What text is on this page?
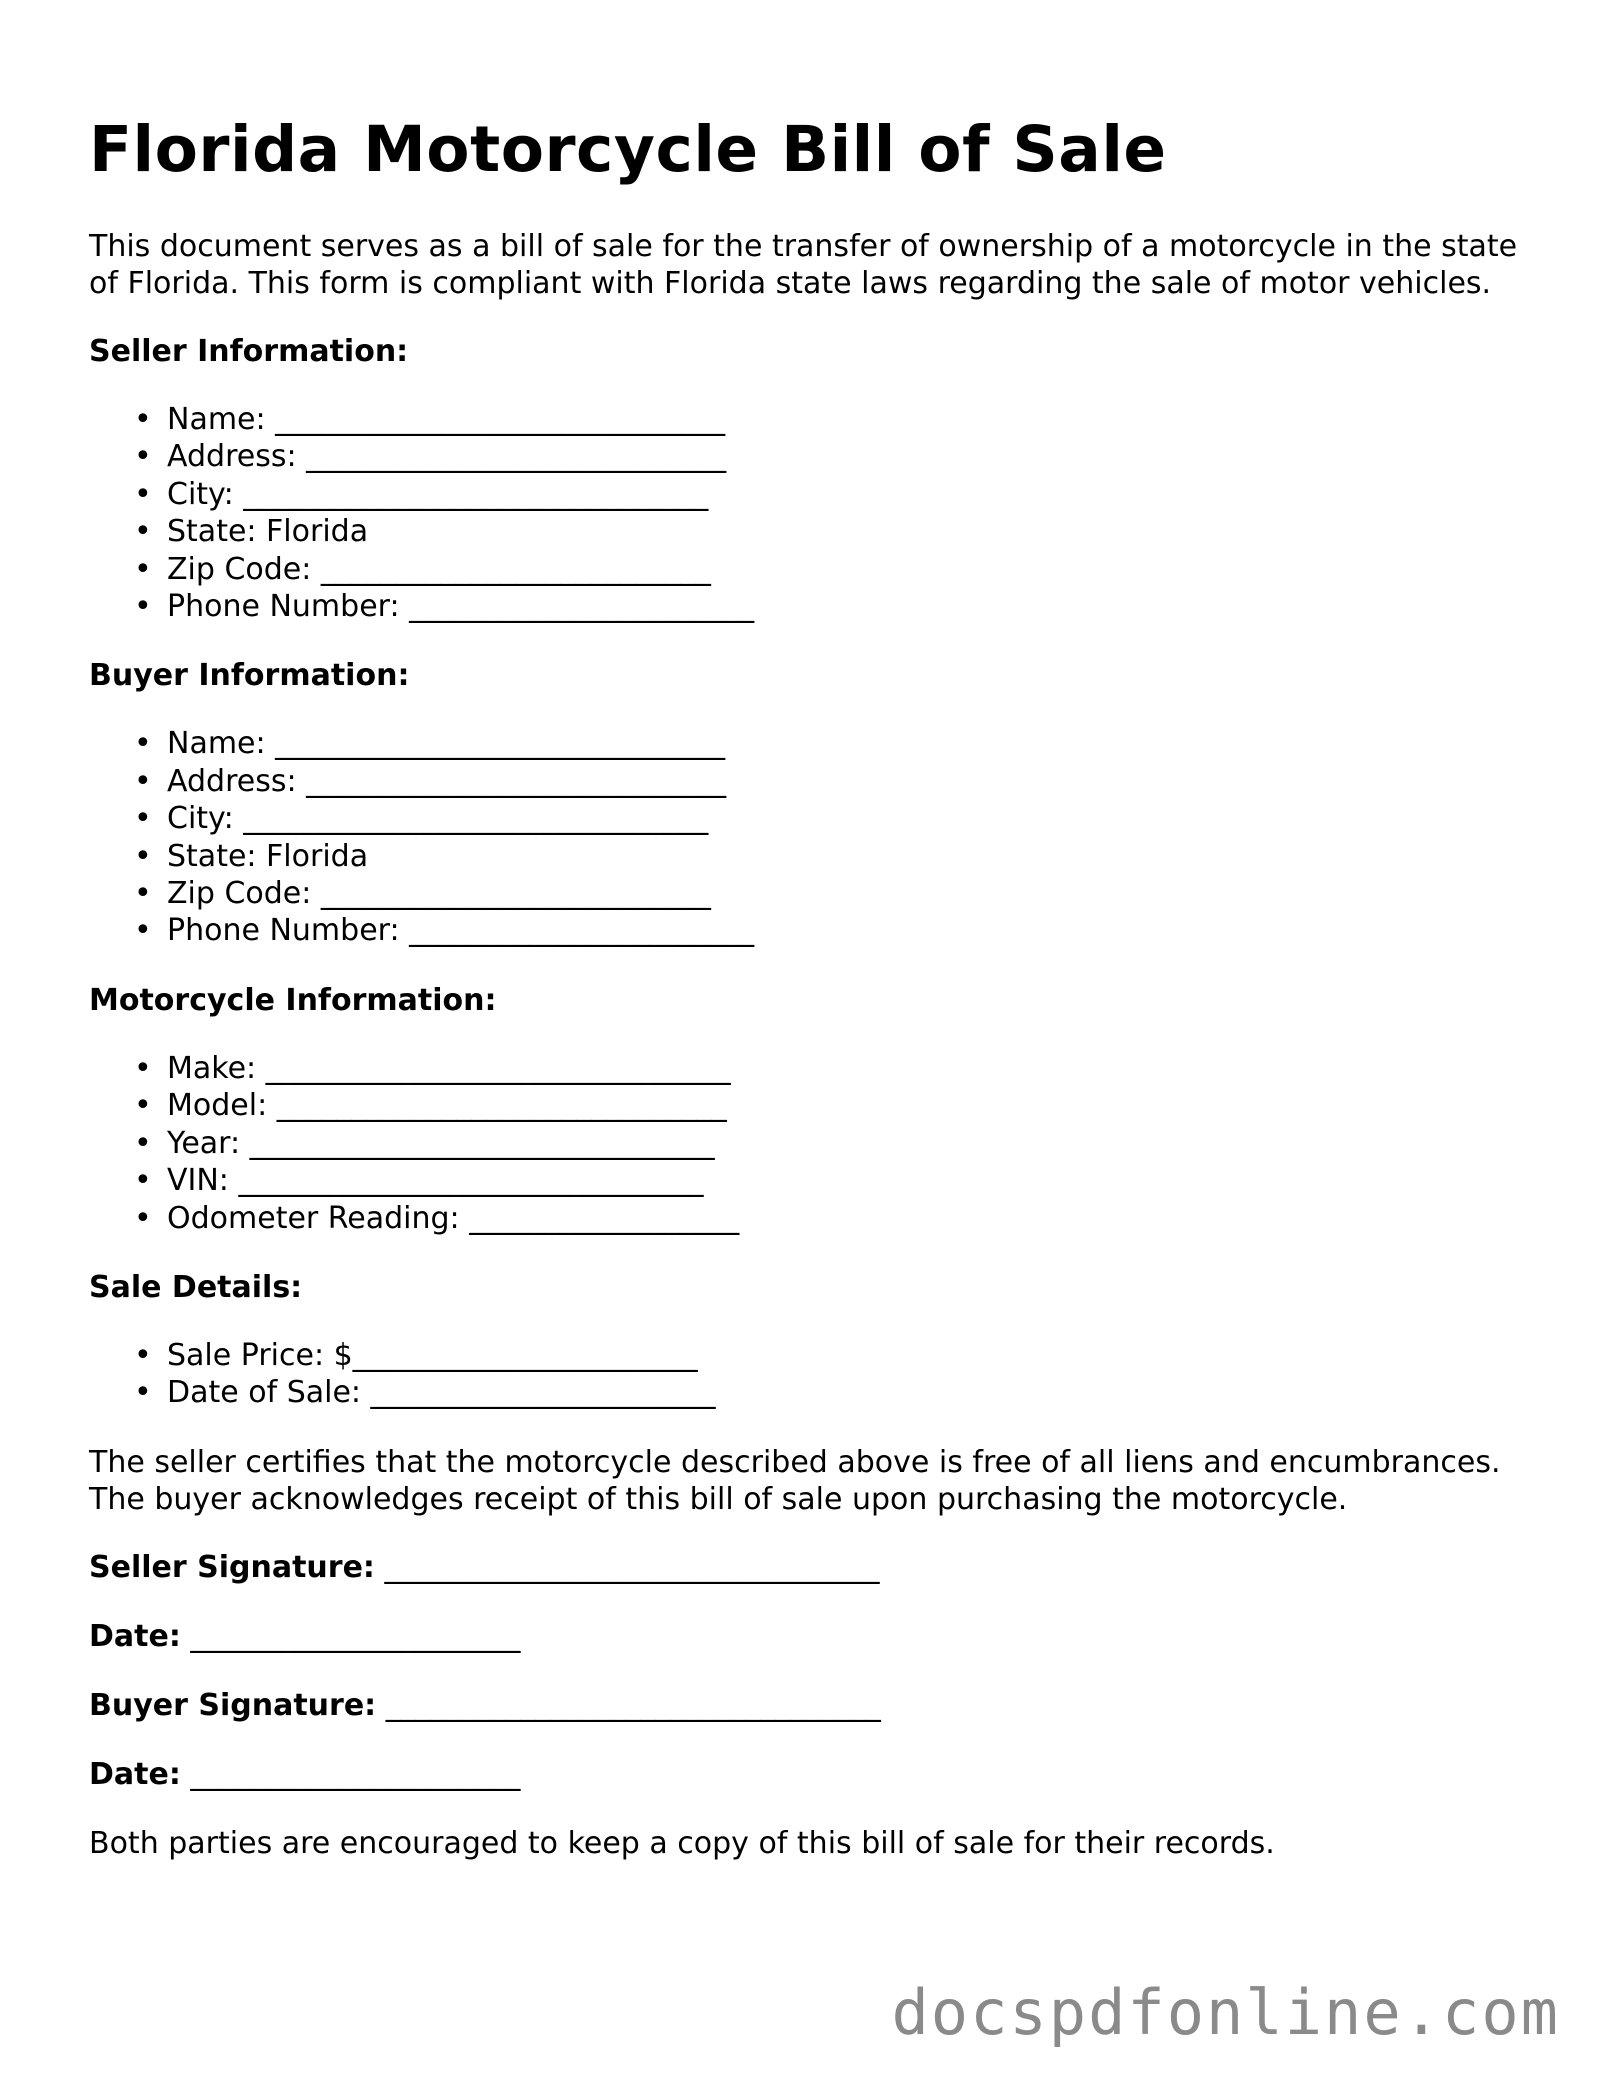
Florida Motorcycle Bill of Sale

This document serves as a bill of sale for the transfer of ownership of a motorcycle in the state of Florida. This form is compliant with Florida state laws regarding the sale of motor vehicles.

Seller Information:
• Name: ______________________________
• Address: ____________________________
• City: _______________________________
• State: Florida
• Zip Code: __________________________
• Phone Number: _______________________
Buyer Information:
• Name: ______________________________
• Address: ____________________________
• City: _______________________________
• State: Florida
• Zip Code: __________________________
• Phone Number: _______________________
Motorcycle Information:
• Make: _______________________________
• Model: ______________________________
• Year: _______________________________
• VIN: _______________________________
• Odometer Reading: __________________
Sale Details:
• Sale Price: $_______________________
• Date of Sale: _______________________

The seller certifies that the motorcycle described above is free of all liens and encumbrances. The buyer acknowledges receipt of this bill of sale upon purchasing the motorcycle.

Seller Signature: _________________________________
Date: ______________________
Buyer Signature: _________________________________
Date: ______________________

Both parties are encouraged to keep a copy of this bill of sale for their records.

docspdfonline.com
